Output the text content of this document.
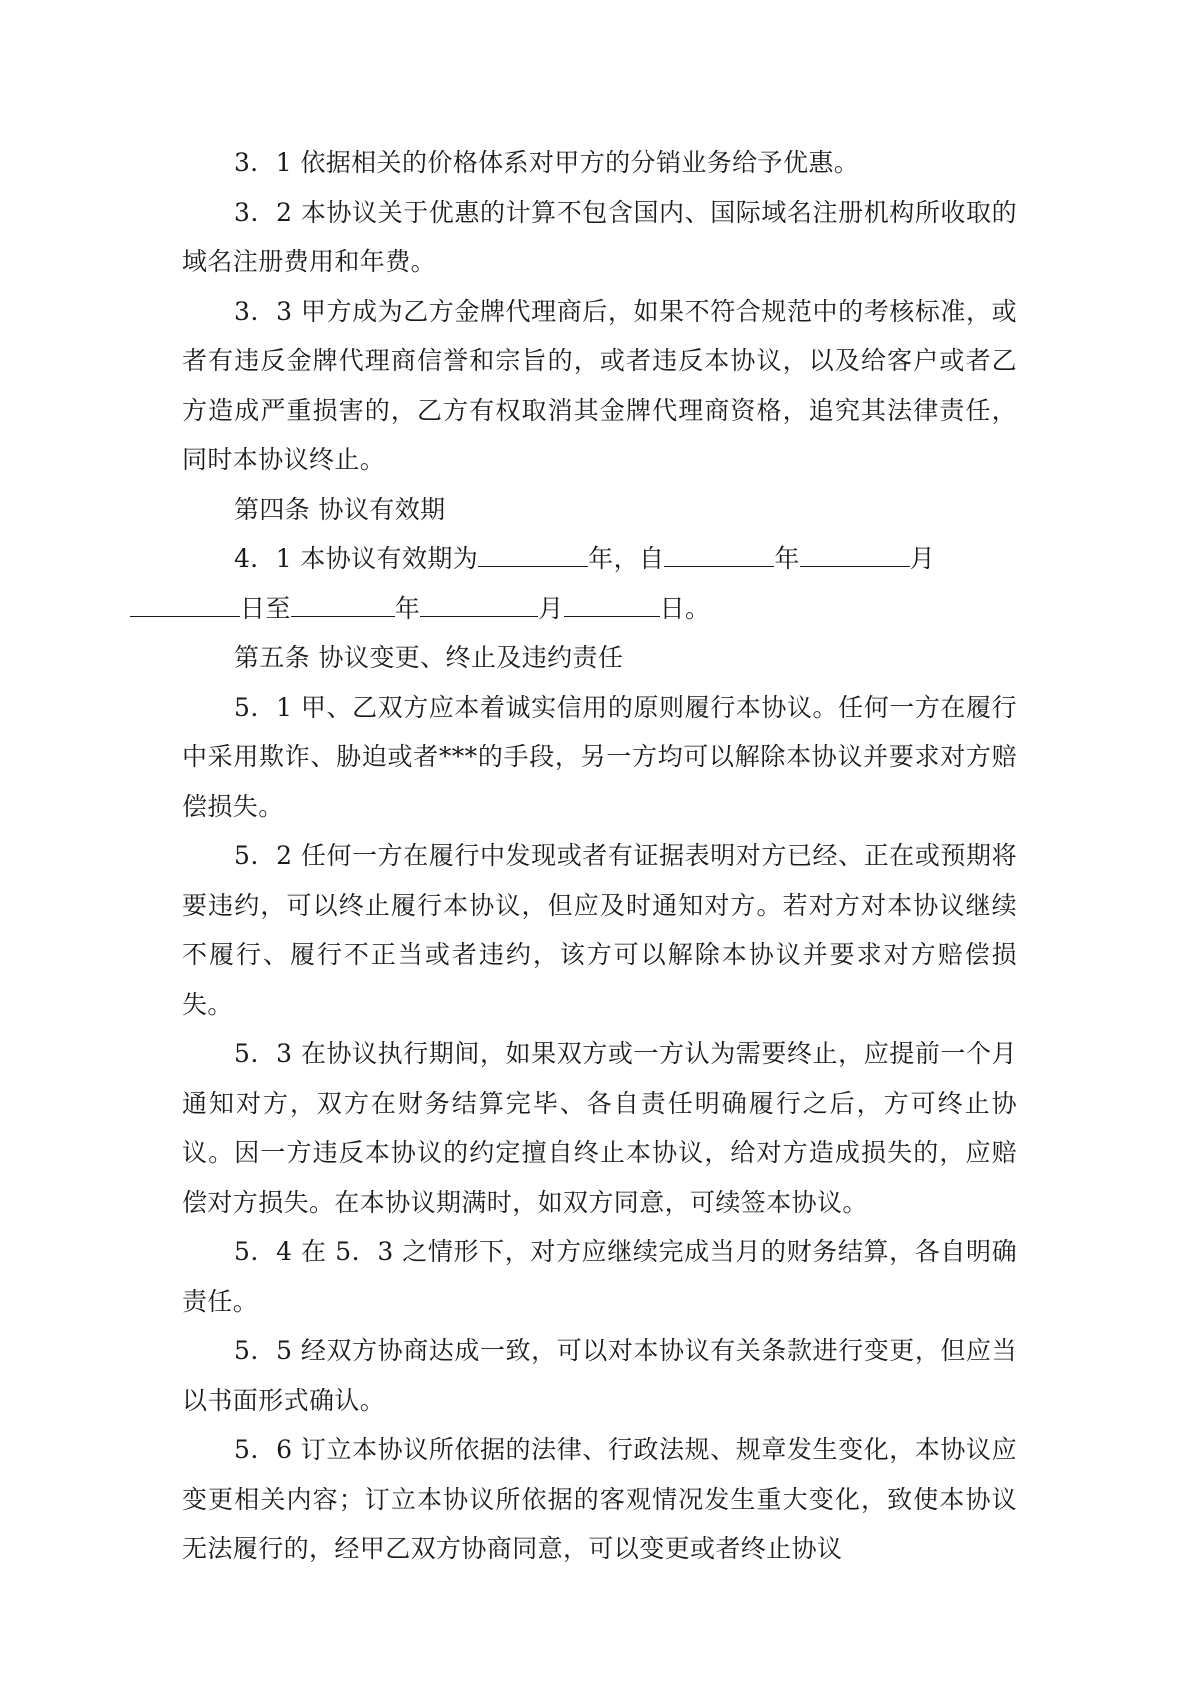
3．1 依据相关的价格体系对甲方的分销业务给予优惠。

3．2 本协议关于优惠的计算不包含国内、国际域名注册机构所收取的域名注册费用和年费。

3．3 甲方成为乙方金牌代理商后，如果不符合规范中的考核标准，或者有违反金牌代理商信誉和宗旨的，或者违反本协议，以及给客户或者乙方造成严重损害的，乙方有权取消其金牌代理商资格，追究其法律责任，同时本协议终止。

第四条 协议有效期

4．1 本协议有效期为	年，自	年	月
日至	年	月	日。

第五条 协议变更、终止及违约责任

5．1 甲、乙双方应本着诚实信用的原则履行本协议。任何一方在履行中采用欺诈、胁迫或者***的手段，另一方均可以解除本协议并要求对方赔偿损失。

5．2 任何一方在履行中发现或者有证据表明对方已经、正在或预期将要违约，可以终止履行本协议，但应及时通知对方。若对方对本协议继续不履行、履行不正当或者违约，该方可以解除本协议并要求对方赔偿损失。

5．3 在协议执行期间，如果双方或一方认为需要终止，应提前一个月通知对方，双方在财务结算完毕、各自责任明确履行之后，方可终止协议。因一方违反本协议的约定擅自终止本协议，给对方造成损失的，应赔偿对方损失。在本协议期满时，如双方同意，可续签本协议。

5．4 在 5．3 之情形下，对方应继续完成当月的财务结算，各自明确责任。

5．5 经双方协商达成一致，可以对本协议有关条款进行变更，但应当以书面形式确认。

5．6 订立本协议所依据的法律、行政法规、规章发生变化，本协议应变更相关内容；订立本协议所依据的客观情况发生重大变化，致使本协议无法履行的，经甲乙双方协商同意，可以变更或者终止协议
